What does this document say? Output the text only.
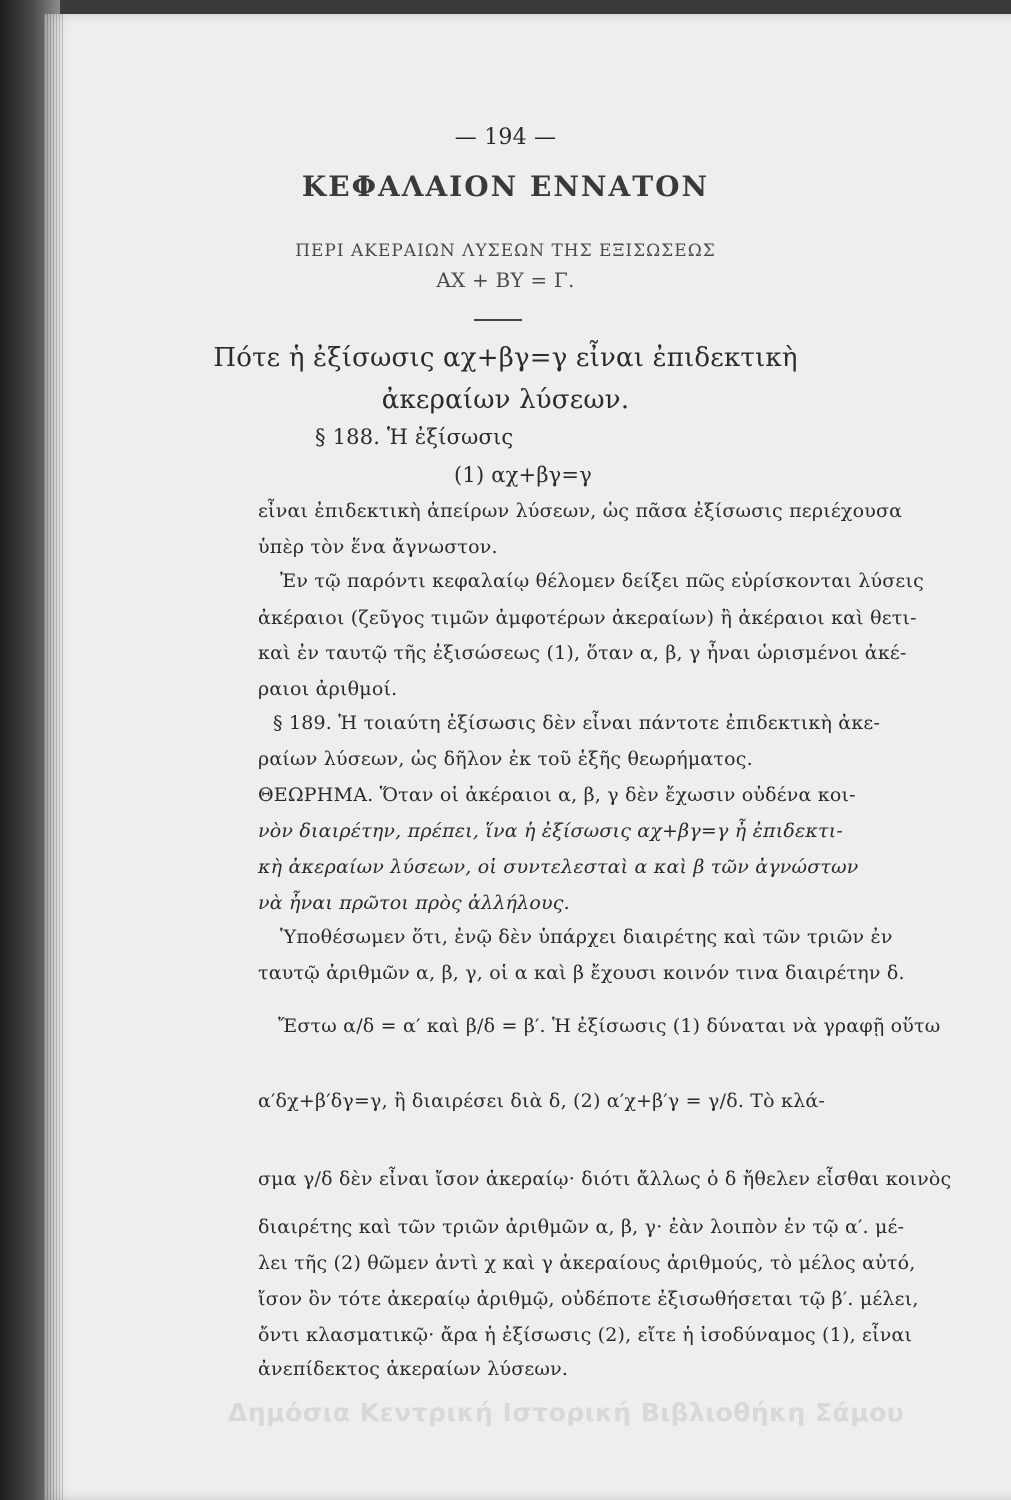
— 194 —
ΚΕΦΑΛΑΙΟΝ ΕΝΝΑΤΟΝ
ΠΕΡΙ ΑΚΕΡΑΙΩΝ ΛΥΣΕΩΝ ΤΗΣ ΕΞΙΣΩΣΕΩΣ
ΑΧ + ΒΥ = Γ.
Πότε ἡ ἐξίσωσις αχ+βγ=γ εἶναι ἐπιδεκτικὴ
ἀκεραίων λύσεων.
§ 188. Ἡ ἐξίσωσις
(1) αχ+βγ=γ
εἶναι ἐπιδεκτικὴ ἀπείρων λύσεων, ὡς πᾶσα ἐξίσωσις περιέχουσα
ὑπὲρ τὸν ἕνα ἄγνωστον.
Ἐν τῷ παρόντι κεφαλαίῳ θέλομεν δείξει πῶς εὑρίσκονται λύσεις
ἀκέραιοι (ζεῦγος τιμῶν ἀμφοτέρων ἀκεραίων) ἢ ἀκέραιοι καὶ θετι-
καὶ ἐν ταυτῷ τῆς ἐξισώσεως (1), ὅταν α, β, γ ἦναι ὡρισμένοι ἀκέ-
ραιοι ἀριθμοί.
§ 189. Ἡ τοιαύτη ἐξίσωσις δὲν εἶναι πάντοτε ἐπιδεκτικὴ ἀκε-
ραίων λύσεων, ὡς δῆλον ἐκ τοῦ ἑξῆς θεωρήματος.
ΘΕΩΡΗΜΑ. Ὅταν οἱ ἀκέραιοι α, β, γ δὲν ἔχωσιν οὐδένα κοι-
νὸν διαιρέτην, πρέπει, ἵνα ἡ ἐξίσωσις αχ+βγ=γ ἦ ἐπιδεκτι-
κὴ ἀκεραίων λύσεων, οἱ συντελεσταὶ α καὶ β τῶν ἀγνώστων
νὰ ἦναι πρῶτοι πρὸς ἀλλήλους.
Ὑποθέσωμεν ὅτι, ἐνῷ δὲν ὑπάρχει διαιρέτης καὶ τῶν τριῶν ἐν
ταυτῷ ἀριθμῶν α, β, γ, οἱ α καὶ β ἔχουσι κοινόν τινα διαιρέτην δ.
Ἔστω α/δ = α′ καὶ β/δ = β′. Ἡ ἐξίσωσις (1) δύναται νὰ γραφῇ οὕτω
α′δχ+β′δγ=γ, ἢ διαιρέσει διὰ δ, (2) α′χ+β′γ = γ/δ. Τὸ κλά-
σμα γ/δ δὲν εἶναι ἴσον ἀκεραίῳ· διότι ἄλλως ὁ δ ἤθελεν εἶσθαι κοινὸς
διαιρέτης καὶ τῶν τριῶν ἀριθμῶν α, β, γ· ἐὰν λοιπὸν ἐν τῷ α′. μέ-
λει τῆς (2) θῶμεν ἀντὶ χ καὶ γ ἀκεραίους ἀριθμούς, τὸ μέλος αὐτό,
ἴσον ὂν τότε ἀκεραίῳ ἀριθμῷ, οὐδέποτε ἐξισωθήσεται τῷ β′. μέλει,
ὄντι κλασματικῷ· ἄρα ἡ ἐξίσωσις (2), εἴτε ἡ ἰσοδύναμος (1), εἶναι
ἀνεπίδεκτος ἀκεραίων λύσεων.
Δημόσια Κεντρική Ιστορική Βιβλιοθήκη Σάμου
